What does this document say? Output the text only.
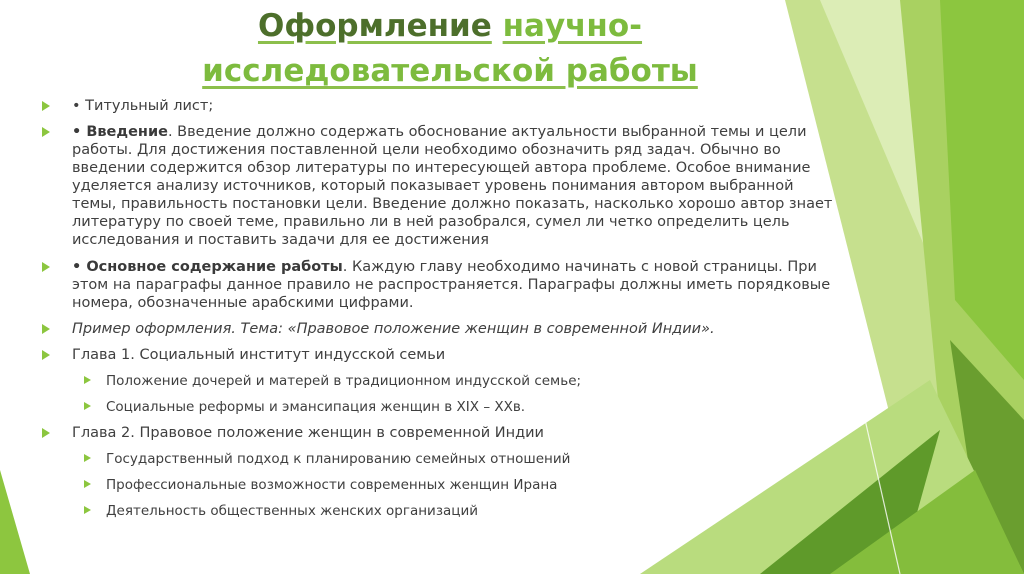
Оформление научно-
исследовательской работы
• Титульный лист;
• Введение. Введение должно содержать обоснование актуальности выбранной темы и цели работы. Для достижения поставленной цели необходимо обозначить ряд задач. Обычно во введении содержится обзор литературы по интересующей автора проблеме. Особое внимание уделяется анализу источников, который показывает уровень понимания автором выбранной темы, правильность постановки цели. Введение должно показать, насколько хорошо автор знает литературу по своей теме, правильно ли в ней разобрался, сумел ли четко определить цель исследования и поставить задачи для ее достижения
• Основное содержание работы. Каждую главу необходимо начинать с новой страницы. При этом на параграфы данное правило не распространяется. Параграфы должны иметь порядковые номера, обозначенные арабскими цифрами.
Пример оформления. Тема: «Правовое положение женщин в современной Индии».
Глава 1. Социальный институт индусской семьи
Положение дочерей и матерей в традиционном индусской семье;
Социальные реформы и эмансипация женщин в XIX – XXв.
Глава 2. Правовое положение женщин в современной Индии
Государственный подход к планированию семейных отношений
Профессиональные возможности современных женщин Ирана
Деятельность общественных женских организаций
